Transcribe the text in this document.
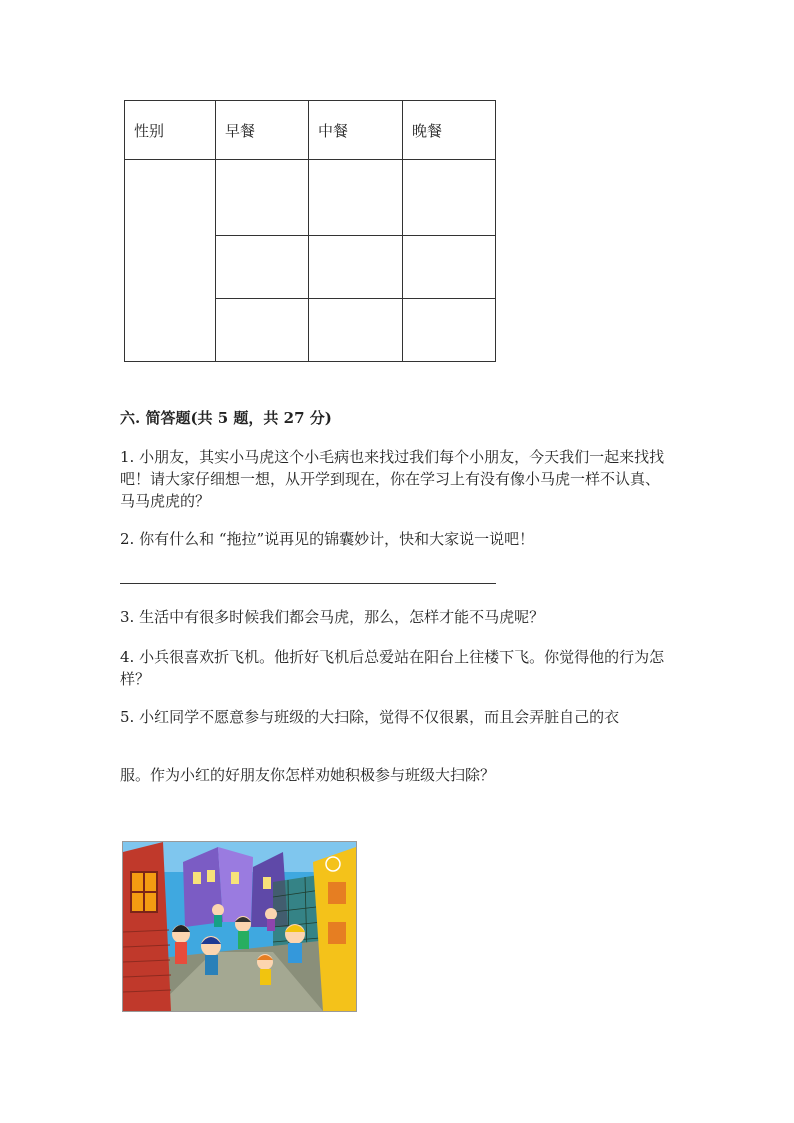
性别	早餐	中餐	晚餐

六. 简答题(共 5 题，共 27 分)
1. 小朋友，其实小马虎这个小毛病也来找过我们每个小朋友，今天我们一起来找找吧！请大家仔细想一想，从开学到现在，你在学习上有没有像小马虎一样不认真、马马虎虎的？
2. 你有什么和 “拖拉”说再见的锦囊妙计，快和大家说一说吧！
3. 生活中有很多时候我们都会马虎，那么，怎样才能不马虎呢？
4. 小兵很喜欢折飞机。他折好飞机后总爱站在阳台上往楼下飞。你觉得他的行为怎样？
5. 小红同学不愿意参与班级的大扫除，觉得不仅很累，而且会弄脏自己的衣
服。作为小红的好朋友你怎样劝她积极参与班级大扫除？
